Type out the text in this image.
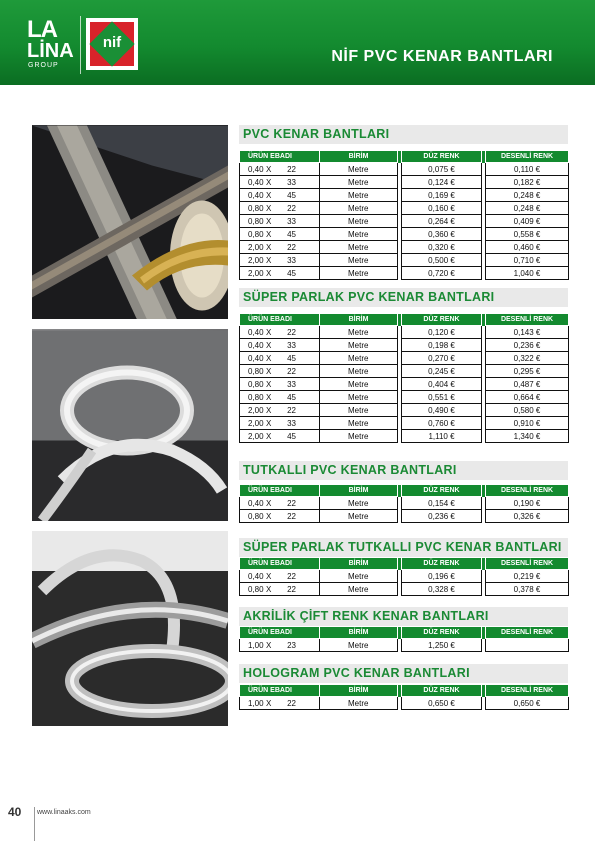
LA
LİNA
GROUP
nif
NİF PVC KENAR BANTLARI
PVC KENAR BANTLARI
ÜRÜN EBADI	BİRİM		DÜZ RENK		DESENLİ RENK
0,40 X 22	Metre		0,075 €		0,110 €
0,40 X 33	Metre		0,124 €		0,182 €
0,40 X 45	Metre		0,169 €		0,248 €
0,80 X 22	Metre		0,160 €		0,248 €
0,80 X 33	Metre		0,264 €		0,409 €
0,80 X 45	Metre		0,360 €		0,558 €
2,00 X 22	Metre		0,320 €		0,460 €
2,00 X 33	Metre		0,500 €		0,710 €
2,00 X 45	Metre		0,720 €		1,040 €
SÜPER PARLAK PVC KENAR BANTLARI
ÜRÜN EBADI	BİRİM		DÜZ RENK		DESENLİ RENK
0,40 X 22	Metre		0,120 €		0,143 €
0,40 X 33	Metre		0,198 €		0,236 €
0,40 X 45	Metre		0,270 €		0,322 €
0,80 X 22	Metre		0,245 €		0,295 €
0,80 X 33	Metre		0,404 €		0,487 €
0,80 X 45	Metre		0,551 €		0,664 €
2,00 X 22	Metre		0,490 €		0,580 €
2,00 X 33	Metre		0,760 €		0,910 €
2,00 X 45	Metre		1,110 €		1,340 €
TUTKALLI PVC KENAR BANTLARI
ÜRÜN EBADI	BİRİM		DÜZ RENK		DESENLİ RENK
0,40 X 22	Metre		0,154 €		0,190 €
0,80 X 22	Metre		0,236 €		0,326 €
SÜPER PARLAK TUTKALLI PVC KENAR BANTLARI
ÜRÜN EBADI	BİRİM		DÜZ RENK		DESENLİ RENK
0,40 X 22	Metre		0,196 €		0,219 €
0,80 X 22	Metre		0,328 €		0,378 €
AKRİLİK ÇİFT RENK KENAR BANTLARI
ÜRÜN EBADI	BİRİM		DÜZ RENK		DESENLİ RENK
1,00 X 23	Metre		1,250 €		
HOLOGRAM PVC KENAR BANTLARI
ÜRÜN EBADI	BİRİM		DÜZ RENK		DESENLİ RENK
1,00 X 22	Metre		0,650 €		0,650 €
40 www.linaaks.com
